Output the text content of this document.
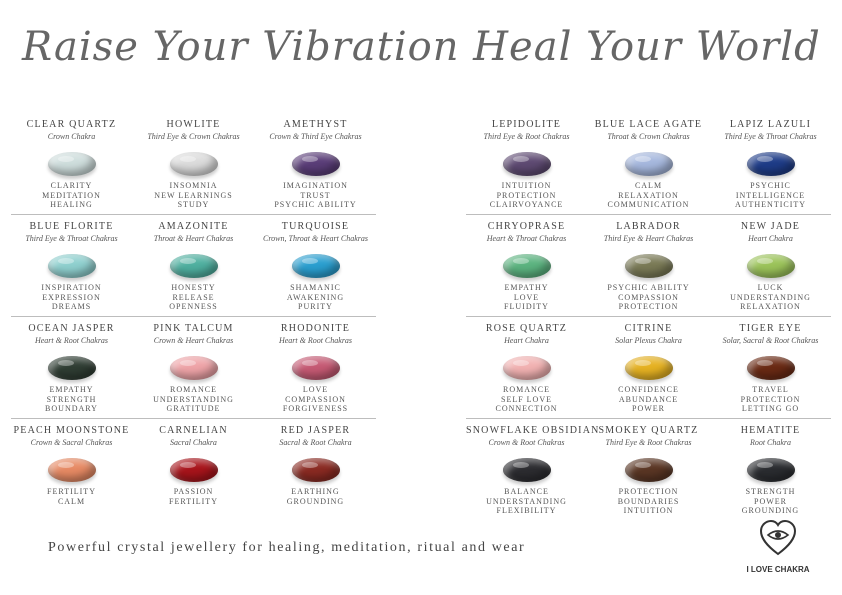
Raise Your Vibration Heal Your World
CLEAR QUARTZ
Crown Chakra
CLARITY
MEDITATION
HEALING
HOWLITE
Third Eye & Crown Chakras
INSOMNIA
NEW LEARNINGS
STUDY
AMETHYST
Crown & Third Eye Chakras
IMAGINATION
TRUST
PSYCHIC ABILITY
BLUE FLORITE
Third Eye & Throat Chakras
INSPIRATION
EXPRESSION
DREAMS
AMAZONITE
Throat & Heart Chakras
HONESTY
RELEASE
OPENNESS
TURQUOISE
Crown, Throat & Heart Chakras
SHAMANIC
AWAKENING
PURITY
OCEAN JASPER
Heart & Root Chakras
EMPATHY
STRENGTH
BOUNDARY
PINK TALCUM
Crown & Heart Chakras
ROMANCE
UNDERSTANDING
GRATITUDE
RHODONITE
Heart & Root Chakras
LOVE
COMPASSION
FORGIVENESS
PEACH MOONSTONE
Crown & Sacral Chakras
FERTILITY
CALM
CARNELIAN
Sacral Chakra
PASSION
FERTILITY
RED JASPER
Sacral & Root Chakra
EARTHING
GROUNDING
LEPIDOLITE
Third Eye & Root Chakras
INTUITION
PROTECTION
CLAIRVOYANCE
BLUE LACE AGATE
Throat & Crown Chakras
CALM
RELAXATION
COMMUNICATION
LAPIZ LAZULI
Third Eye & Throat Chakras
PSYCHIC
INTELLIGENCE
AUTHENTICITY
CHRYOPRASE
Heart & Throat Chakras
EMPATHY
LOVE
FLUIDITY
LABRADOR
Third Eye & Heart Chakras
PSYCHIC ABILITY
COMPASSION
PROTECTION
NEW JADE
Heart Chakra
LUCK
UNDERSTANDING
RELAXATION
ROSE QUARTZ
Heart Chakra
ROMANCE
SELF LOVE
CONNECTION
CITRINE
Solar Plexus Chakra
CONFIDENCE
ABUNDANCE
POWER
TIGER EYE
Solar, Sacral & Root Chakras
TRAVEL
PROTECTION
LETTING GO
SNOWFLAKE OBSIDIAN
Crown & Root Chakras
BALANCE
UNDERSTANDING
FLEXIBILITY
SMOKEY QUARTZ
Third Eye & Root Chakras
PROTECTION
BOUNDARIES
INTUITION
HEMATITE
Root Chakra
STRENGTH
POWER
GROUNDING
Powerful crystal jewellery for healing, meditation, ritual and wear
I LOVE CHAKRA
